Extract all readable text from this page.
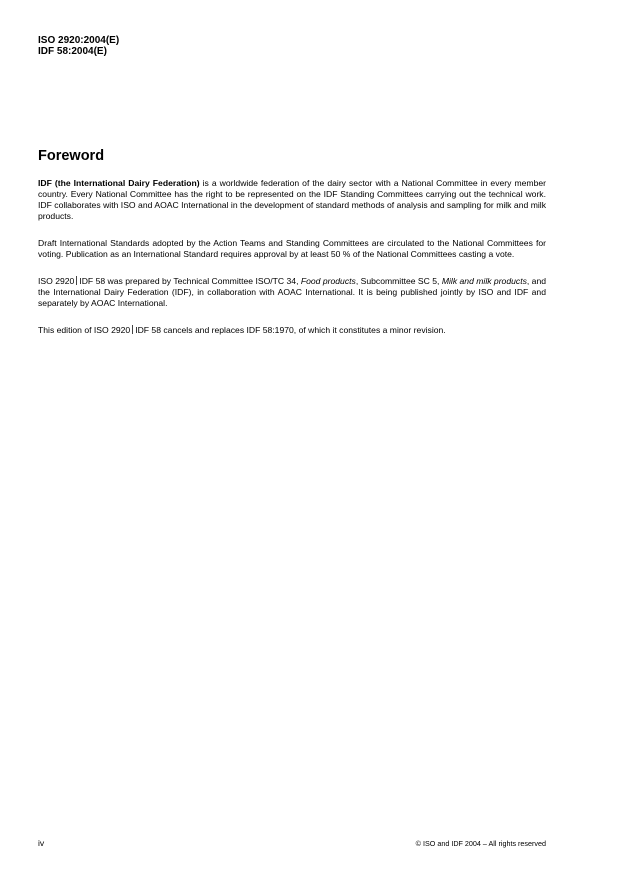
ISO 2920:2004(E)
IDF 58:2004(E)
Foreword

IDF (the International Dairy Federation) is a worldwide federation of the dairy sector with a National Committee in every member country. Every National Committee has the right to be represented on the IDF Standing Committees carrying out the technical work. IDF collaborates with ISO and AOAC International in the development of standard methods of analysis and sampling for milk and milk products.

Draft International Standards adopted by the Action Teams and Standing Committees are circulated to the National Committees for voting. Publication as an International Standard requires approval by at least 50 % of the National Committees casting a vote.

ISO 2920 IDF 58 was prepared by Technical Committee ISO/TC 34, Food products, Subcommittee SC 5, Milk and milk products, and the International Dairy Federation (IDF), in collaboration with AOAC International. It is being published jointly by ISO and IDF and separately by AOAC International.

This edition of ISO 2920 IDF 58 cancels and replaces IDF 58:1970, of which it constitutes a minor revision.

iv	© ISO and IDF 2004 – All rights reserved
